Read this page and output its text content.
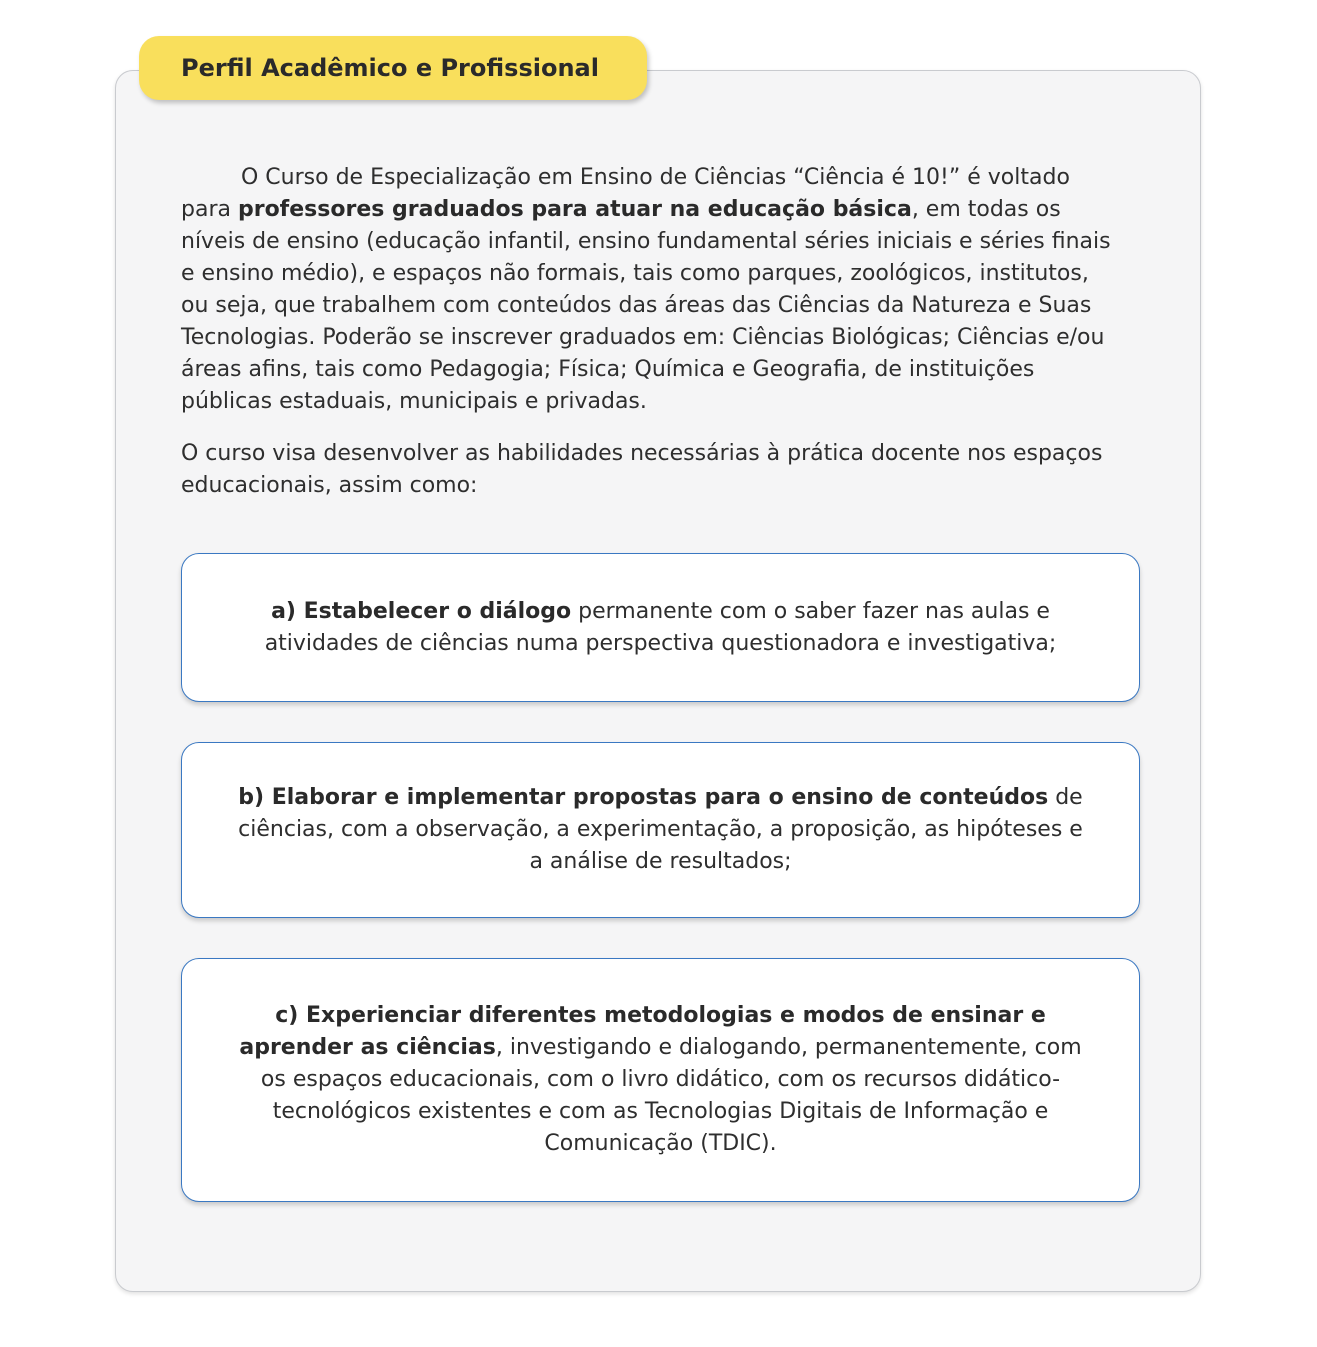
Perfil Acadêmico e Profissional

O Curso de Especialização em Ensino de Ciências “Ciência é 10!” é voltado para professores graduados para atuar na educação básica, em todas os níveis de ensino (educação infantil, ensino fundamental séries iniciais e séries finais e ensino médio), e espaços não formais, tais como parques, zoológicos, institutos, ou seja, que trabalhem com conteúdos das áreas das Ciências da Natureza e Suas Tecnologias. Poderão se inscrever graduados em: Ciências Biológicas; Ciências e/ou áreas afins, tais como Pedagogia; Física; Química e Geografia, de instituições públicas estaduais, municipais e privadas.

O curso visa desenvolver as habilidades necessárias à prática docente nos espaços educacionais, assim como:

a) Estabelecer o diálogo permanente com o saber fazer nas aulas e atividades de ciências numa perspectiva questionadora e investigativa;
b) Elaborar e implementar propostas para o ensino de conteúdos de ciências, com a observação, a experimentação, a proposição, as hipóteses e a análise de resultados;
c) Experienciar diferentes metodologias e modos de ensinar e aprender as ciências, investigando e dialogando, permanentemente, com os espaços educacionais, com o livro didático, com os recursos didático-tecnológicos existentes e com as Tecnologias Digitais de Informação e Comunicação (TDIC).
